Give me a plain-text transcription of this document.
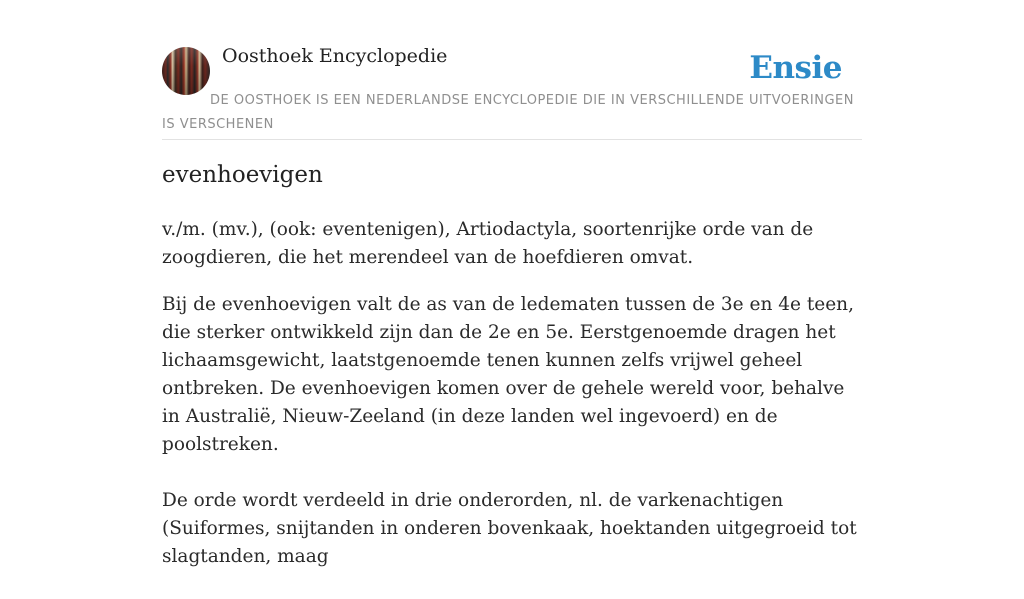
Oosthoek Encyclopedie	Ensie
DE OOSTHOEK IS EEN NEDERLANDSE ENCYCLOPEDIE DIE IN VERSCHILLENDE UITVOERINGEN IS VERSCHENEN
evenhoevigen

v./m. (mv.), (ook: eventenigen), Artiodactyla, soortenrijke orde van de zoogdieren, die het merendeel van de hoefdieren omvat.

Bij de evenhoevigen valt de as van de ledematen tussen de 3e en 4e teen, die sterker ontwikkeld zijn dan de 2e en 5e. Eerstgenoemde dragen het lichaamsgewicht, laatstgenoemde tenen kunnen zelfs vrijwel geheel ontbreken. De evenhoevigen komen over de gehele wereld voor, behalve in Australië, Nieuw-Zeeland (in deze landen wel ingevoerd) en de poolstreken.

De orde wordt verdeeld in drie onderorden, nl. de varkenachtigen (Suiformes, snijtanden in onderen bovenkaak, hoektanden uitgegroeid tot slagtanden, maag
